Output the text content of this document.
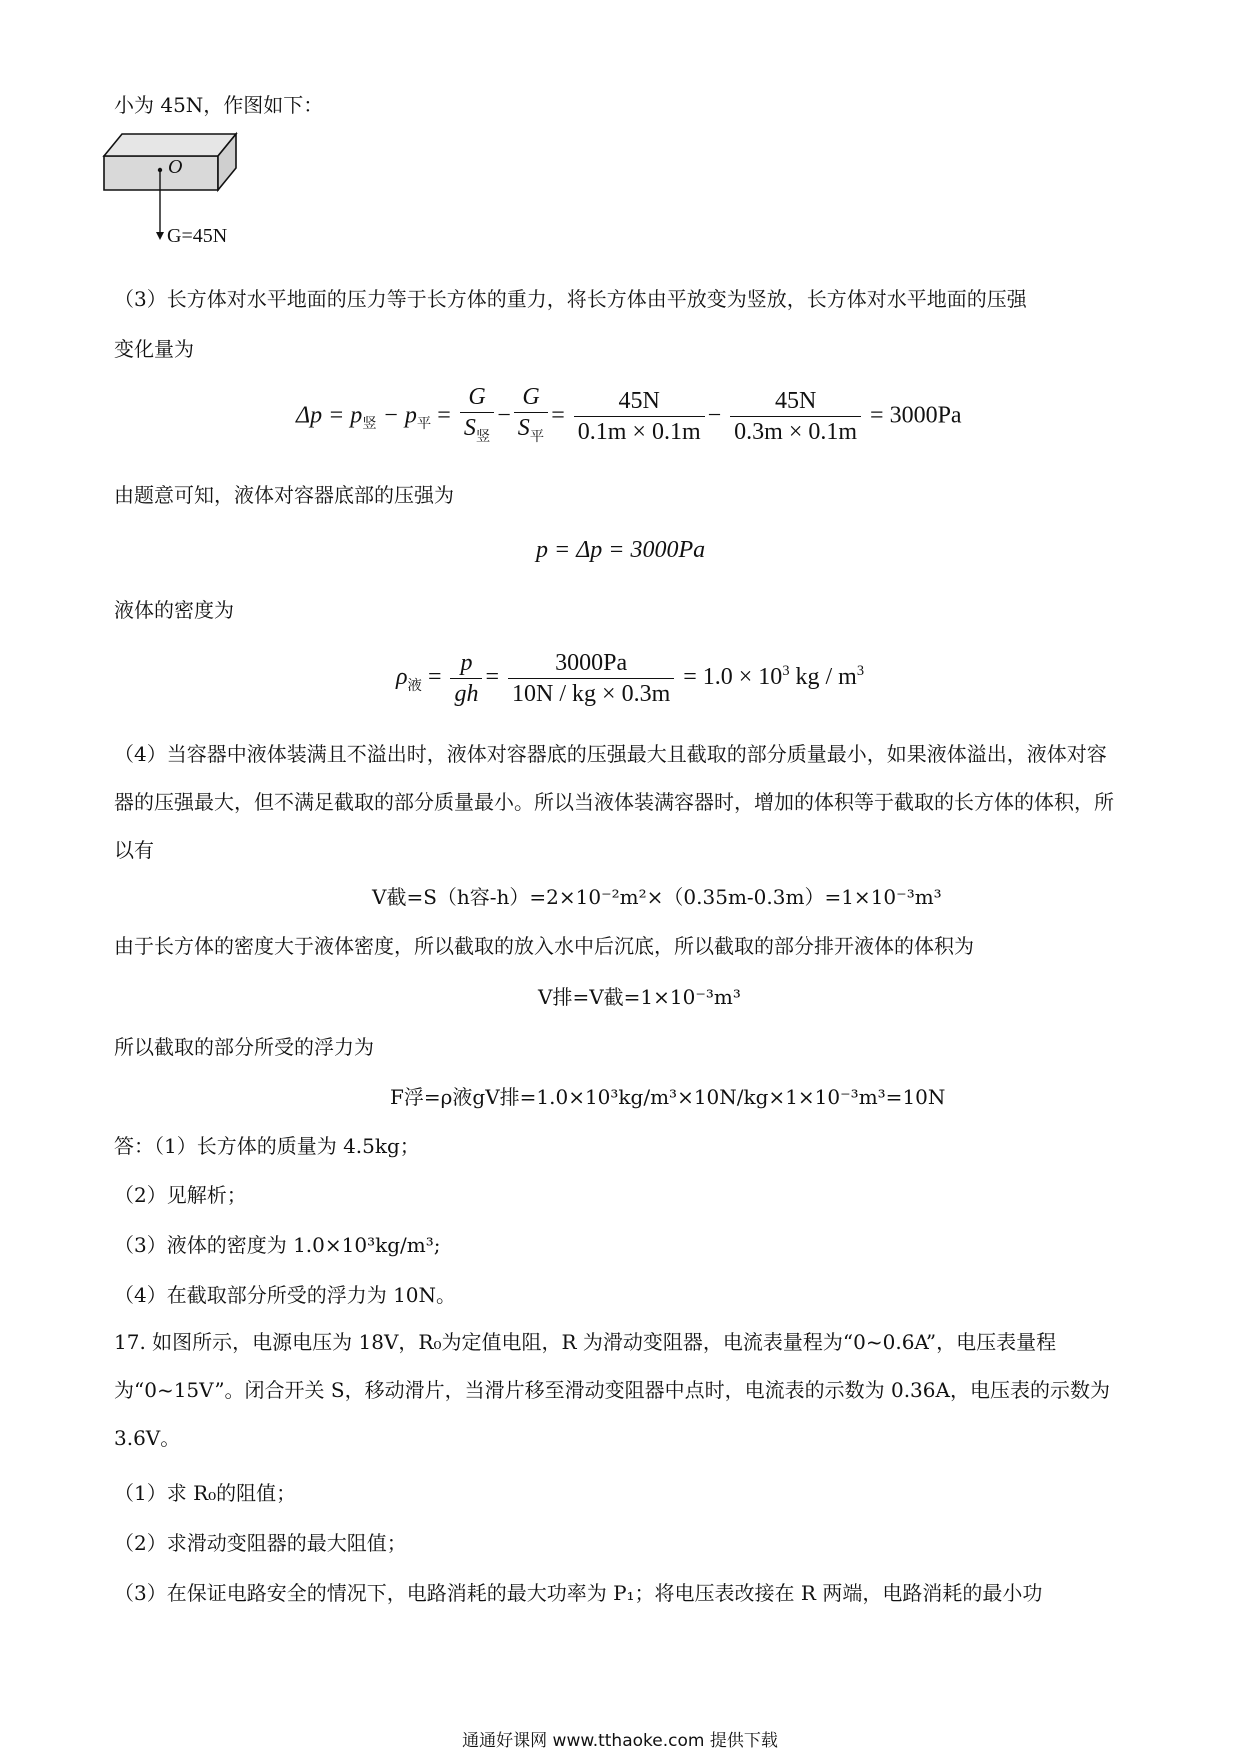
小为 45N，作图如下：
O
G=45N
（3）长方体对水平地面的压力等于长方体的重力，将长方体由平放变为竖放，长方体对水平地面的压强
变化量为
$\Delta p = p_竖 - p_平 = \frac{G}{S_竖} - \frac{G}{S_平} = \frac{45N}{0.1m \times 0.1m} - \frac{45N}{0.3m \times 0.1m} = 3000Pa$
由题意可知，液体对容器底部的压强为
p = Δp = 3000Pa
液体的密度为
$\rho_液 = \frac{p}{gh} = \frac{3000Pa}{10N / kg \times 0.3m} = 1.0 \times 10^3$ kg / $m^3$
（4）当容器中液体装满且不溢出时，液体对容器底的压强最大且截取的部分质量最小，如果液体溢出，液体对容器的压强最大，但不满足截取的部分质量最小。所以当液体装满容器时，增加的体积等于截取的长方体的体积，所以有
V截=S（h容-h）=2×10⁻²m²×（0.35m-0.3m）=1×10⁻³m³
由于长方体的密度大于液体密度，所以截取的放入水中后沉底，所以截取的部分排开液体的体积为
V排=V截=1×10⁻³m³
所以截取的部分所受的浮力为
F浮=ρ液gV排=1.0×10³kg/m³×10N/kg×1×10⁻³m³=10N
答：（1）长方体的质量为 4.5kg；
（2）见解析；
（3）液体的密度为 1.0×10³kg/m³;
（4）在截取部分所受的浮力为 10N。
17. 如图所示，电源电压为 18V，R₀为定值电阻，R 为滑动变阻器，电流表量程为“0~0.6A”，电压表量程为“0~15V”。闭合开关 S，移动滑片，当滑片移至滑动变阻器中点时，电流表的示数为 0.36A，电压表的示数为 3.6V。
（1）求 R₀的阻值；
（2）求滑动变阻器的最大阻值；
（3）在保证电路安全的情况下，电路消耗的最大功率为 P₁；将电压表改接在 R 两端，电路消耗的最小功
通通好课网 www.tthaoke.com 提供下载
